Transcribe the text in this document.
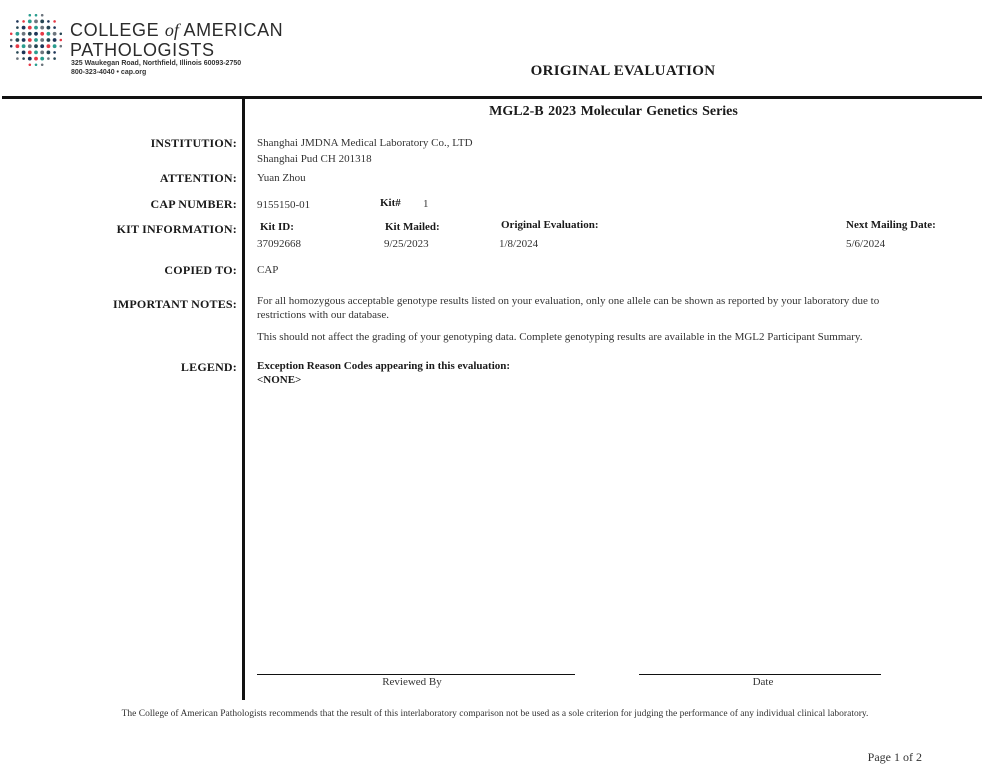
COLLEGE of AMERICAN
PATHOLOGISTS
325 Waukegan Road, Northfield, Illinois 60093-2750
800-323-4040 • cap.org	ORIGINAL EVALUATION
MGL2-B 2023 Molecular Genetics Series
INSTITUTION: Shanghai JMDNA Medical Laboratory Co., LTD
Shanghai Pud CH 201318
ATTENTION: Yuan Zhou
CAP NUMBER: 9155150-01	Kit# 1
KIT INFORMATION: Kit ID:
37092668
Kit Mailed:
9/25/2023
Original Evaluation:
1/8/2024
Next Mailing Date:
5/6/2024
COPIED TO: CAP
IMPORTANT NOTES: For all homozygous acceptable genotype results listed on your evaluation, only one allele can be shown as reported by your laboratory due to
restrictions with our database.
This should not affect the grading of your genotyping data. Complete genotyping results are available in the MGL2 Participant Summary.
LEGEND: Exception Reason Codes appearing in this evaluation:
<NONE>
Reviewed By	Date
The College of American Pathologists recommends that the result of this interlaboratory comparison not be used as a sole criterion for judging the performance of any individual clinical laboratory.
Page 1 of 2
